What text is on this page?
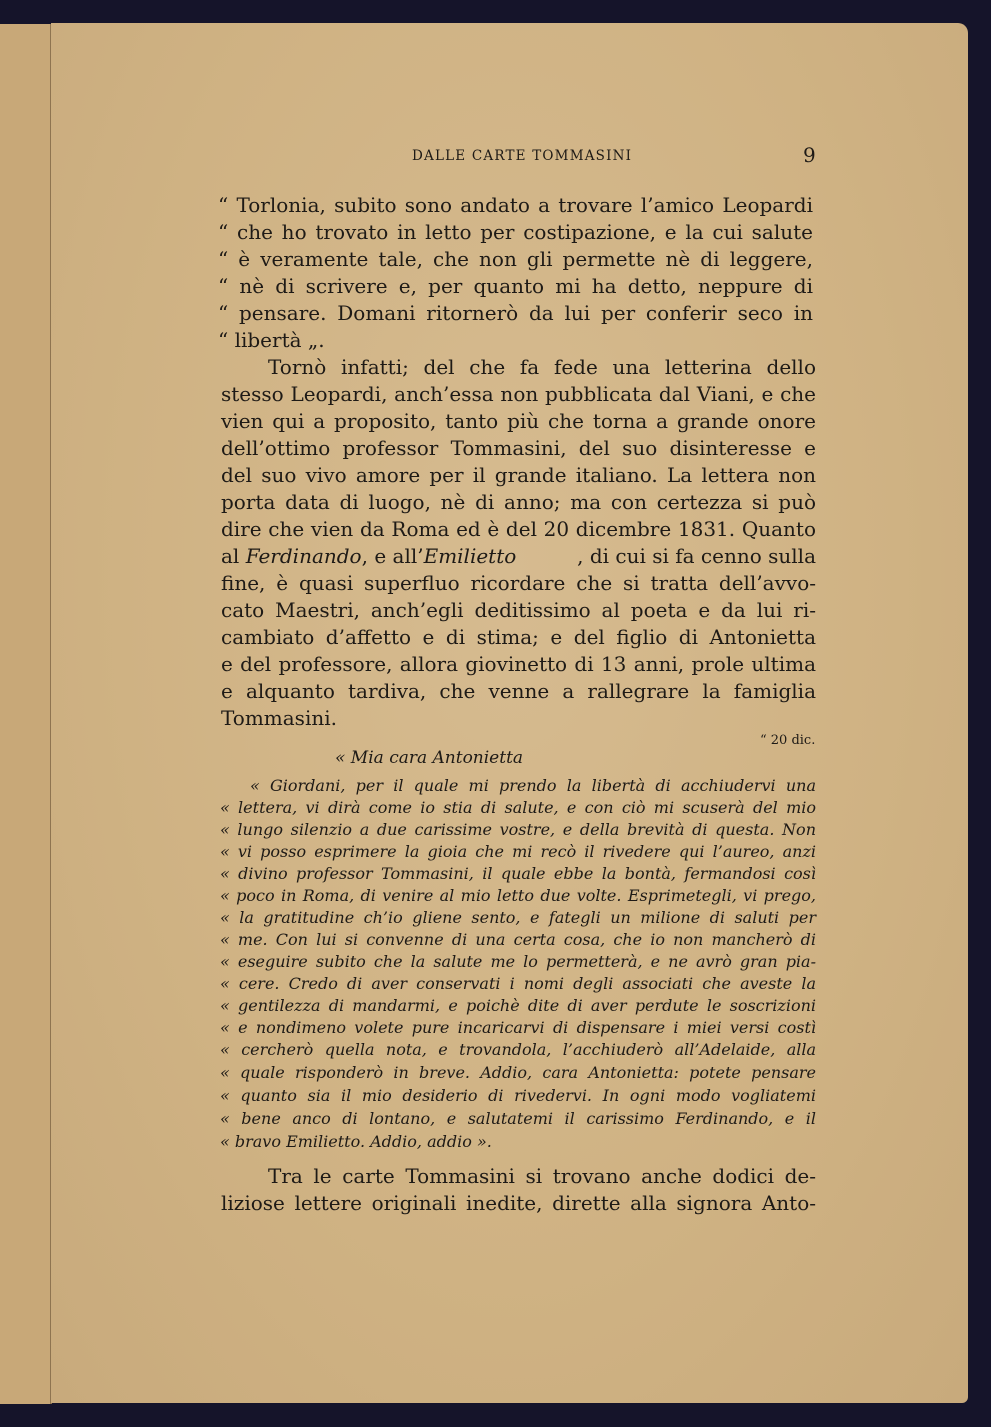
DALLE CARTE TOMMASINI	9
“ Torlonia, subito sono andato a trovare l’amico Leopardi
“ che ho trovato in letto per costipazione, e la cui salute
“ è veramente tale, che non gli permette nè di leggere,
“ nè di scrivere e, per quanto mi ha detto, neppure di
“ pensare. Domani ritornerò da lui per conferir seco in
“ libertà „.
Tornò infatti; del che fa fede una letterina dello
stesso Leopardi, anch’essa non pubblicata dal Viani, e che
vien qui a proposito, tanto più che torna a grande onore
dell’ottimo professor Tommasini, del suo disinteresse e
del suo vivo amore per il grande italiano. La lettera non
porta data di luogo, nè di anno; ma con certezza si può
dire che vien da Roma ed è del 20 dicembre 1831. Quanto
al Ferdinando, e all’Emilietto	, di cui si fa cenno sulla
fine, è quasi superfluo ricordare che si tratta dell’avvo-
cato Maestri, anch’egli deditissimo al poeta e da lui ri-
cambiato d’affetto e di stima; e del figlio di Antonietta
e del professore, allora giovinetto di 13 anni, prole ultima
e alquanto tardiva, che venne a rallegrare la famiglia
Tommasini.
“ 20 dic.
« Mia cara Antonietta
« Giordani, per il quale mi prendo la libertà di acchiudervi una
« lettera, vi dirà come io stia di salute, e con ciò mi scuserà del mio
« lungo silenzio a due carissime vostre, e della brevità di questa. Non
« vi posso esprimere la gioia che mi recò il rivedere qui l’aureo, anzi
« divino professor Tommasini, il quale ebbe la bontà, fermandosi così
« poco in Roma, di venire al mio letto due volte. Esprimetegli, vi prego,
« la gratitudine ch’io gliene sento, e fategli un milione di saluti per
« me. Con lui si convenne di una certa cosa, che io non mancherò di
« eseguire subito che la salute me lo permetterà, e ne avrò gran pia-
« cere. Credo di aver conservati i nomi degli associati che aveste la
« gentilezza di mandarmi, e poichè dite di aver perdute le soscrizioni
« e nondimeno volete pure incaricarvi di dispensare i miei versi costì
« cercherò quella nota, e trovandola, l’acchiuderò all’Adelaide, alla
« quale risponderò in breve. Addio, cara Antonietta: potete pensare
« quanto sia il mio desiderio di rivedervi. In ogni modo vogliatemi
« bene anco di lontano, e salutatemi il carissimo Ferdinando, e il
« bravo Emilietto. Addio, addio ».
Tra le carte Tommasini si trovano anche dodici de-
liziose lettere originali inedite, dirette alla signora Anto-
